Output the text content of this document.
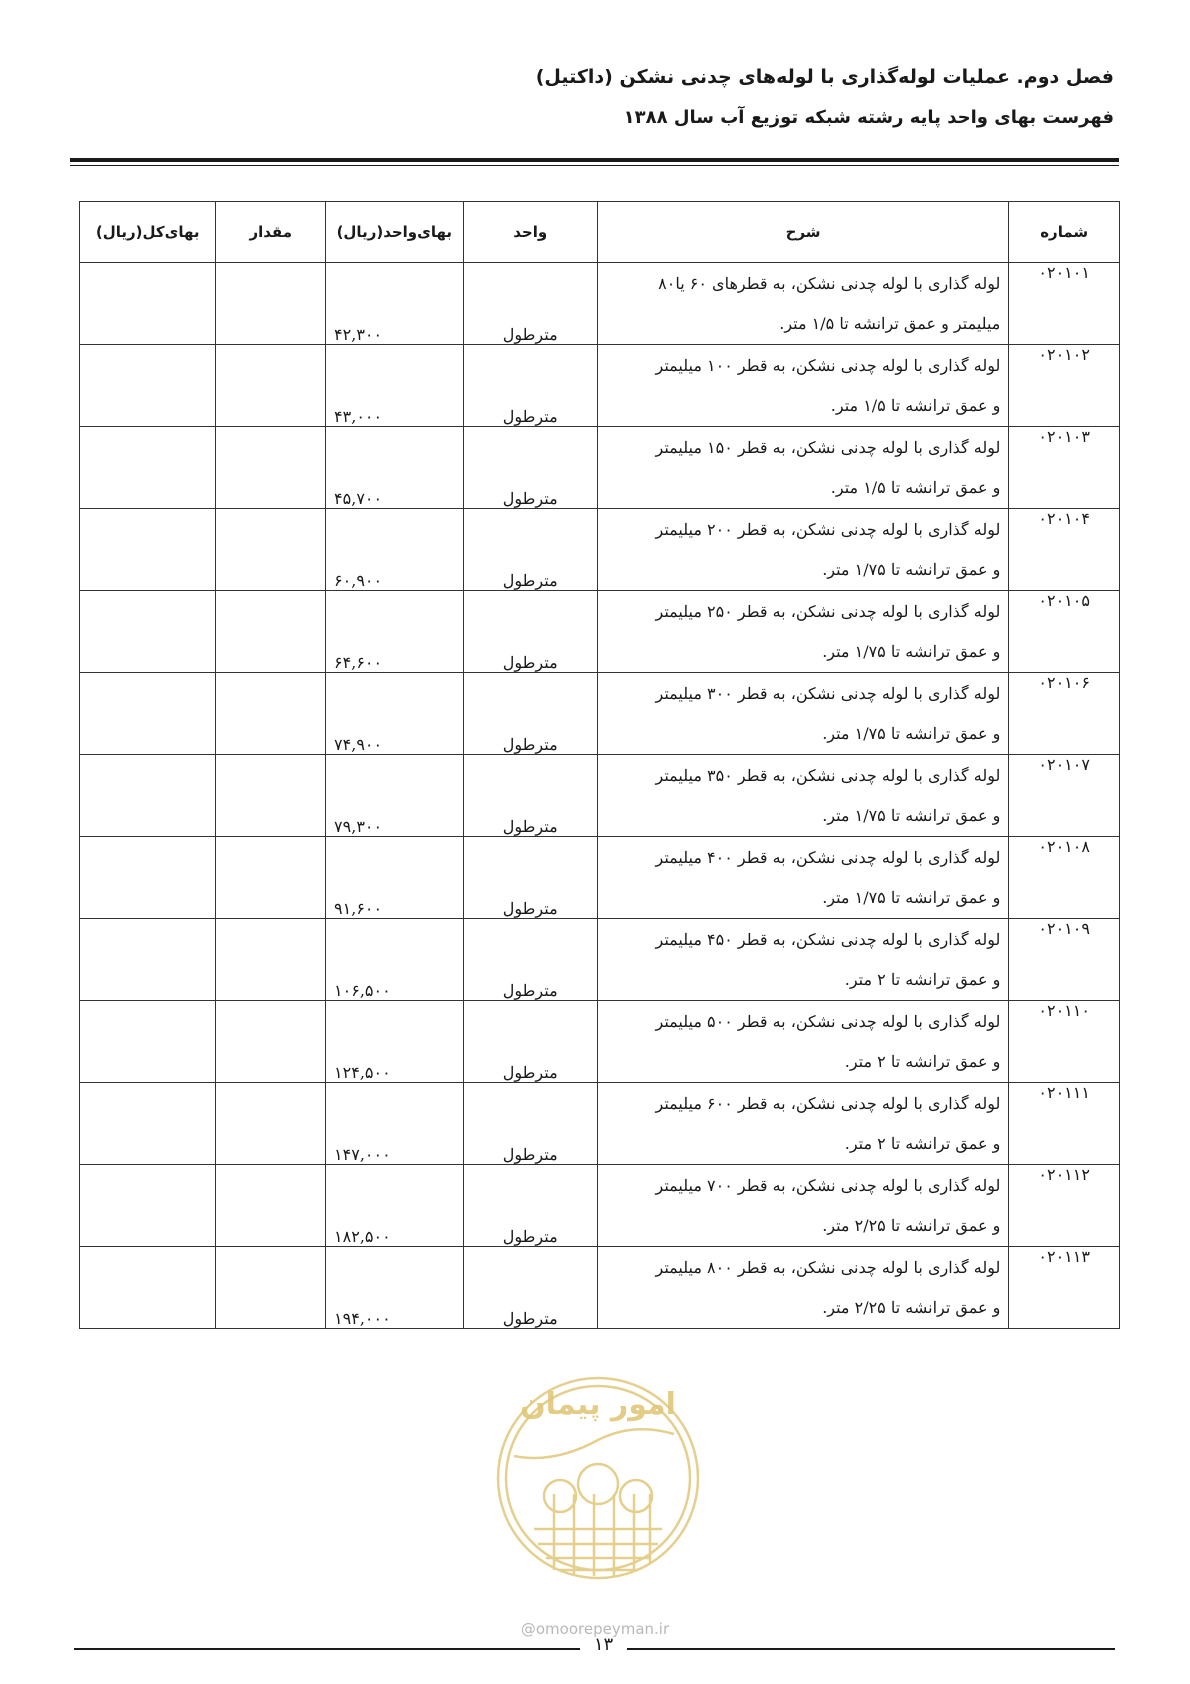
فصل دوم. عملیات لوله‌گذاری با لوله‌های چدنی نشکن (داکتیل)
فهرست بهای واحد پایه رشته شبکه توزیع آب سال ۱۳۸۸
شماره	شرح	واحد	بهای‌واحد(ریال)	مقدار	بهای‌کل(ریال)
۰۲۰۱۰۱	لوله گذاری با لوله چدنی نشکن، به قطرهای ۶۰ یا۸۰
میلیمتر و عمق ترانشه تا ۱/۵ متر.	مترطول	۴۲,۳۰۰		
۰۲۰۱۰۲	لوله گذاری با لوله چدنی نشکن، به قطر ۱۰۰ میلیمتر
و عمق ترانشه تا ۱/۵ متر.	مترطول	۴۳,۰۰۰		
۰۲۰۱۰۳	لوله گذاری با لوله چدنی نشکن، به قطر ۱۵۰ میلیمتر
و عمق ترانشه تا ۱/۵ متر.	مترطول	۴۵,۷۰۰		
۰۲۰۱۰۴	لوله گذاری با لوله چدنی نشکن، به قطر ۲۰۰ میلیمتر
و عمق ترانشه تا ۱/۷۵ متر.	مترطول	۶۰,۹۰۰		
۰۲۰۱۰۵	لوله گذاری با لوله چدنی نشکن، به قطر ۲۵۰ میلیمتر
و عمق ترانشه تا ۱/۷۵ متر.	مترطول	۶۴,۶۰۰		
۰۲۰۱۰۶	لوله گذاری با لوله چدنی نشکن، به قطر ۳۰۰ میلیمتر
و عمق ترانشه تا ۱/۷۵ متر.	مترطول	۷۴,۹۰۰		
۰۲۰۱۰۷	لوله گذاری با لوله چدنی نشکن، به قطر ۳۵۰ میلیمتر
و عمق ترانشه تا ۱/۷۵ متر.	مترطول	۷۹,۳۰۰		
۰۲۰۱۰۸	لوله گذاری با لوله چدنی نشکن، به قطر ۴۰۰ میلیمتر
و عمق ترانشه تا ۱/۷۵ متر.	مترطول	۹۱,۶۰۰		
۰۲۰۱۰۹	لوله گذاری با لوله چدنی نشکن، به قطر ۴۵۰ میلیمتر
و عمق ترانشه تا ۲ متر.	مترطول	۱۰۶,۵۰۰		
۰۲۰۱۱۰	لوله گذاری با لوله چدنی نشکن، به قطر ۵۰۰ میلیمتر
و عمق ترانشه تا ۲ متر.	مترطول	۱۲۴,۵۰۰		
۰۲۰۱۱۱	لوله گذاری با لوله چدنی نشکن، به قطر ۶۰۰ میلیمتر
و عمق ترانشه تا ۲ متر.	مترطول	۱۴۷,۰۰۰		
۰۲۰۱۱۲	لوله گذاری با لوله چدنی نشکن، به قطر ۷۰۰ میلیمتر
و عمق ترانشه تا ۲/۲۵ متر.	مترطول	۱۸۲,۵۰۰		
۰۲۰۱۱۳	لوله گذاری با لوله چدنی نشکن، به قطر ۸۰۰ میلیمتر
و عمق ترانشه تا ۲/۲۵ متر.	مترطول	۱۹۴,۰۰۰		
امور پیمان
@omoorepeyman.ir
۱۳
